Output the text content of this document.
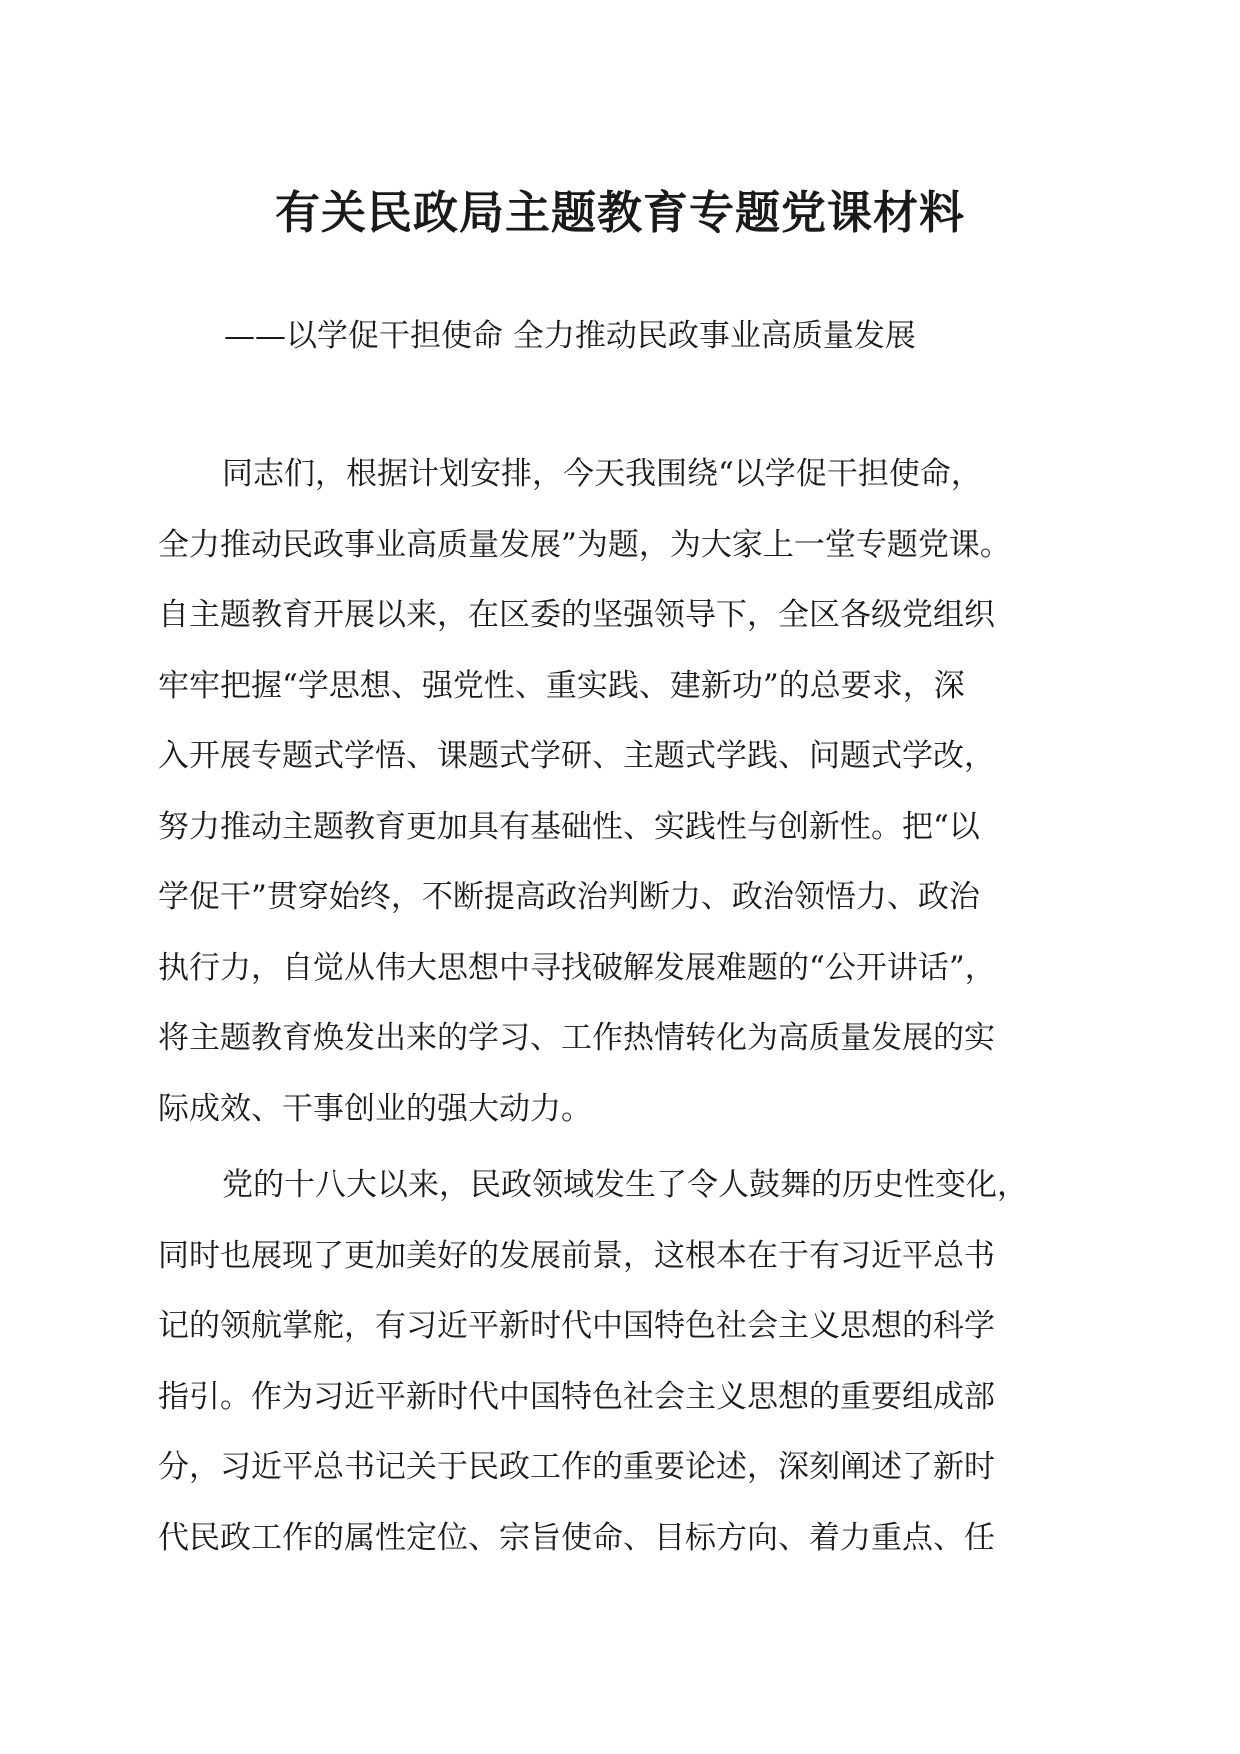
有关民政局主题教育专题党课材料

——以学促干担使命 全力推动民政事业高质量发展

同志们，根据计划安排，今天我围绕“以学促干担使命，
全力推动民政事业高质量发展”为题，为大家上一堂专题党课。
自主题教育开展以来，在区委的坚强领导下，全区各级党组织
牢牢把握“学思想、强党性、重实践、建新功”的总要求，深
入开展专题式学悟、课题式学研、主题式学践、问题式学改，
努力推动主题教育更加具有基础性、实践性与创新性。把“以
学促干”贯穿始终，不断提高政治判断力、政治领悟力、政治
执行力，自觉从伟大思想中寻找破解发展难题的“公开讲话”，
将主题教育焕发出来的学习、工作热情转化为高质量发展的实
际成效、干事创业的强大动力。

党的十八大以来，民政领域发生了令人鼓舞的历史性变化，
同时也展现了更加美好的发展前景，这根本在于有习近平总书
记的领航掌舵，有习近平新时代中国特色社会主义思想的科学
指引。作为习近平新时代中国特色社会主义思想的重要组成部
分，习近平总书记关于民政工作的重要论述，深刻阐述了新时
代民政工作的属性定位、宗旨使命、目标方向、着力重点、任
